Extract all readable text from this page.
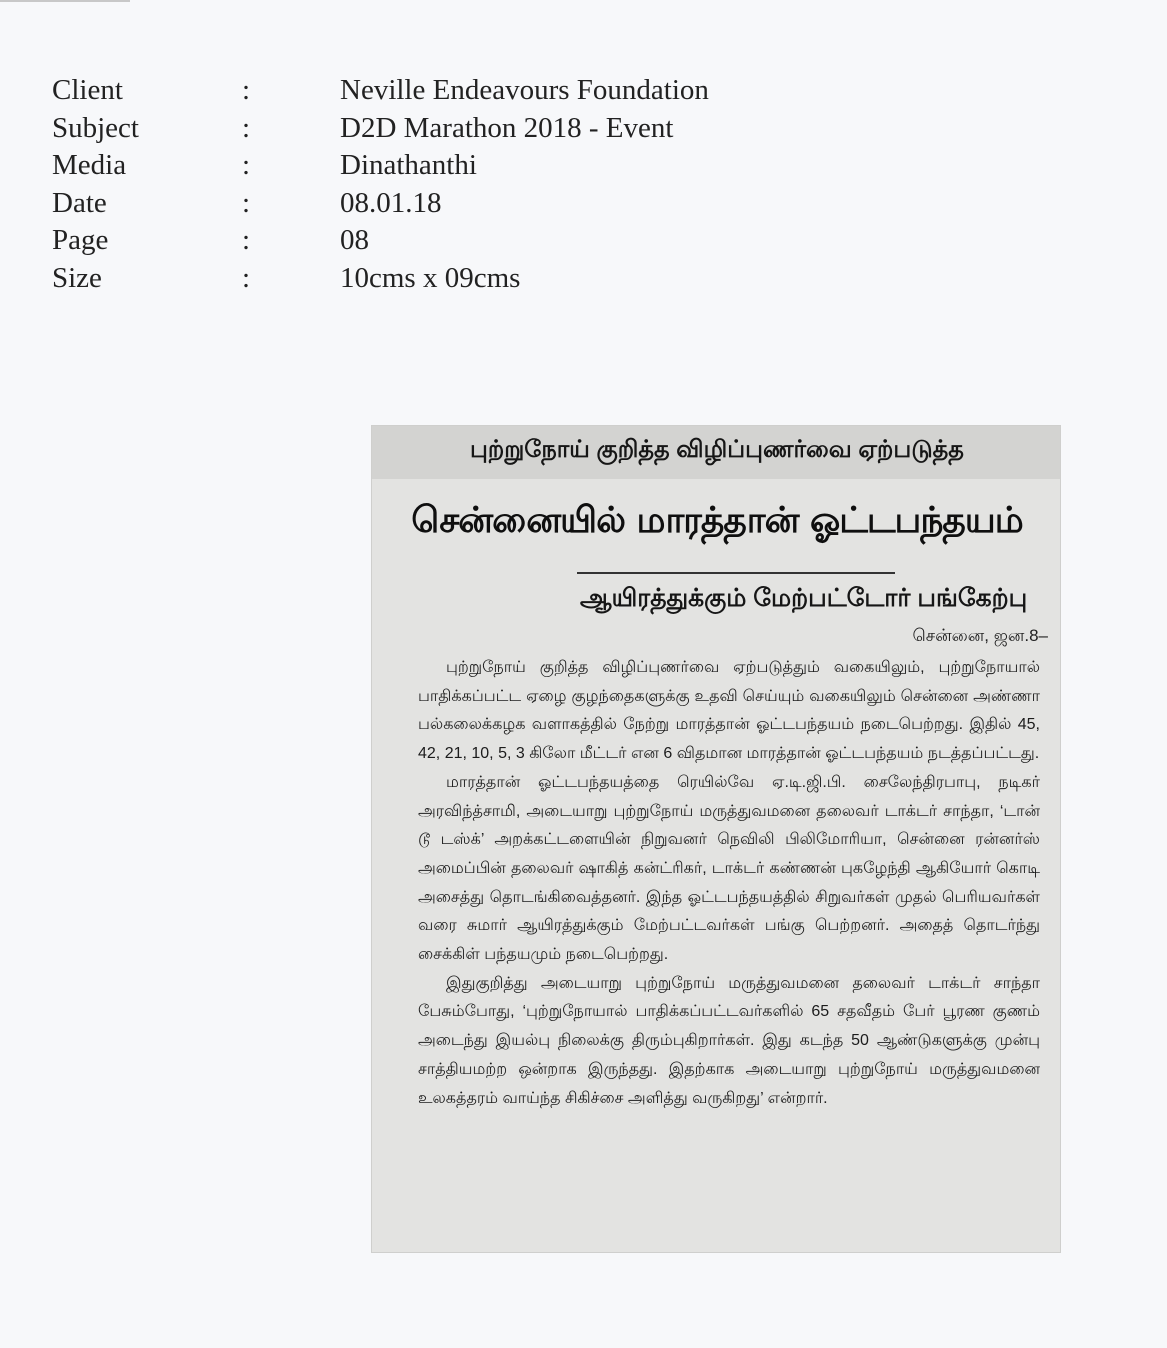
Client	:	Neville Endeavours Foundation
Subject	:	D2D Marathon 2018 - Event
Media	:	Dinathanthi
Date	:	08.01.18
Page	:	08
Size	:	10cms x 09cms
புற்றுநோய் குறித்த விழிப்புணர்வை ஏற்படுத்த
சென்னையில் மாரத்தான் ஓட்டபந்தயம்
ஆயிரத்துக்கும் மேற்பட்டோர் பங்கேற்பு
சென்னை, ஜன.8–

புற்றுநோய் குறித்த விழிப்புணர்வை ஏற்படுத்தும் வகையிலும், புற்றுநோயால் பாதிக்கப்பட்ட ஏழை குழந்தைகளுக்கு உதவி செய்யும் வகையிலும் சென்னை அண்ணா பல்கலைக்கழக வளாகத்தில் நேற்று மாரத்தான் ஓட்டபந்தயம் நடைபெற்றது. இதில் 45, 42, 21, 10, 5, 3 கிலோ மீட்டர் என 6 விதமான மாரத்தான் ஓட்டபந்தயம் நடத்தப்பட்டது.

மாரத்தான் ஓட்டபந்தயத்தை ரெயில்வே ஏ.டி.ஜி.பி. சைலேந்திரபாபு, நடிகர் அரவிந்த்சாமி, அடையாறு புற்றுநோய் மருத்துவமனை தலைவர் டாக்டர் சாந்தா, ‘டான் டூ டஸ்க்’ அறக்கட்டளையின் நிறுவனர் நெவிலி பிலிமோரியா, சென்னை ரன்னர்ஸ் அமைப்பின் தலைவர் ஷாகித் கன்ட்ரிகர், டாக்டர் கண்ணன் புகழேந்தி ஆகியோர் கொடி அசைத்து தொடங்கிவைத்தனர். இந்த ஓட்டபந்தயத்தில் சிறுவர்கள் முதல் பெரியவர்கள் வரை சுமார் ஆயிரத்துக்கும் மேற்பட்டவர்கள் பங்கு பெற்றனர். அதைத் தொடர்ந்து சைக்கிள் பந்தயமும் நடைபெற்றது.

இதுகுறித்து அடையாறு புற்றுநோய் மருத்துவமனை தலைவர் டாக்டர் சாந்தா பேசும்போது, ‘புற்றுநோயால் பாதிக்கப்பட்டவர்களில் 65 சதவீதம் பேர் பூரண குணம் அடைந்து இயல்பு நிலைக்கு திரும்புகிறார்கள். இது கடந்த 50 ஆண்டுகளுக்கு முன்பு சாத்தியமற்ற ஒன்றாக இருந்தது. இதற்காக அடையாறு புற்றுநோய் மருத்துவமனை உலகத்தரம் வாய்ந்த சிகிச்சை அளித்து வருகிறது’ என்றார்.
